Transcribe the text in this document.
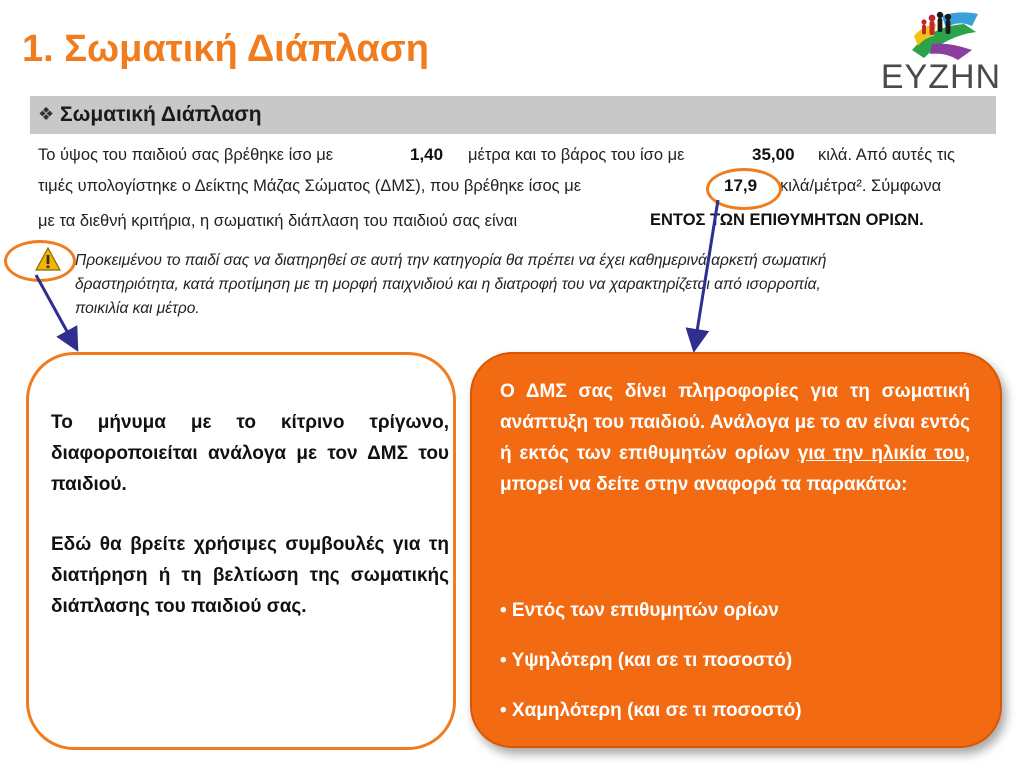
1. Σωματική Διάπλαση
ΕΥΖΗΝ
❖ Σωματική Διάπλαση
Το ύψος του παιδιού σας βρέθηκε ίσο με	1,40 μέτρα και το βάρος του ίσο με	35,00 κιλά. Από αυτές τις
τιμές υπολογίστηκε ο Δείκτης Μάζας Σώματος (ΔΜΣ), που βρέθηκε ίσος με	17,9 κιλά/μέτρα². Σύμφωνα
με τα διεθνή κριτήρια, η σωματική διάπλαση του παιδιού σας είναι	ΕΝΤΟΣ ΤΩΝ ΕΠΙΘΥΜΗΤΩΝ ΟΡΙΩΝ.
Προκειμένου το παιδί σας να διατηρηθεί σε αυτή την κατηγορία θα πρέπει να έχει καθημερινά αρκετή σωματική
δραστηριότητα, κατά προτίμηση με τη μορφή παιχνιδιού και η διατροφή του να χαρακτηρίζεται από ισορροπία,
ποικιλία και μέτρο.

Το μήνυμα με το κίτρινο τρίγωνο, διαφοροποιείται ανάλογα με τον ΔΜΣ του παιδιού.

Εδώ θα βρείτε χρήσιμες συμβουλές για τη διατήρηση ή τη βελτίωση της σωματικής διάπλασης του παιδιού σας.

Ο ΔΜΣ σας δίνει πληροφορίες για τη σωματική ανάπτυξη του παιδιού. Ανάλογα με το αν είναι εντός ή εκτός των επιθυμητών ορίων για την ηλικία του, μπορεί να δείτε στην αναφορά τα παρακάτω:
• Εντός των επιθυμητών ορίων
• Υψηλότερη (και σε τι ποσοστό)
• Χαμηλότερη (και σε τι ποσοστό)
